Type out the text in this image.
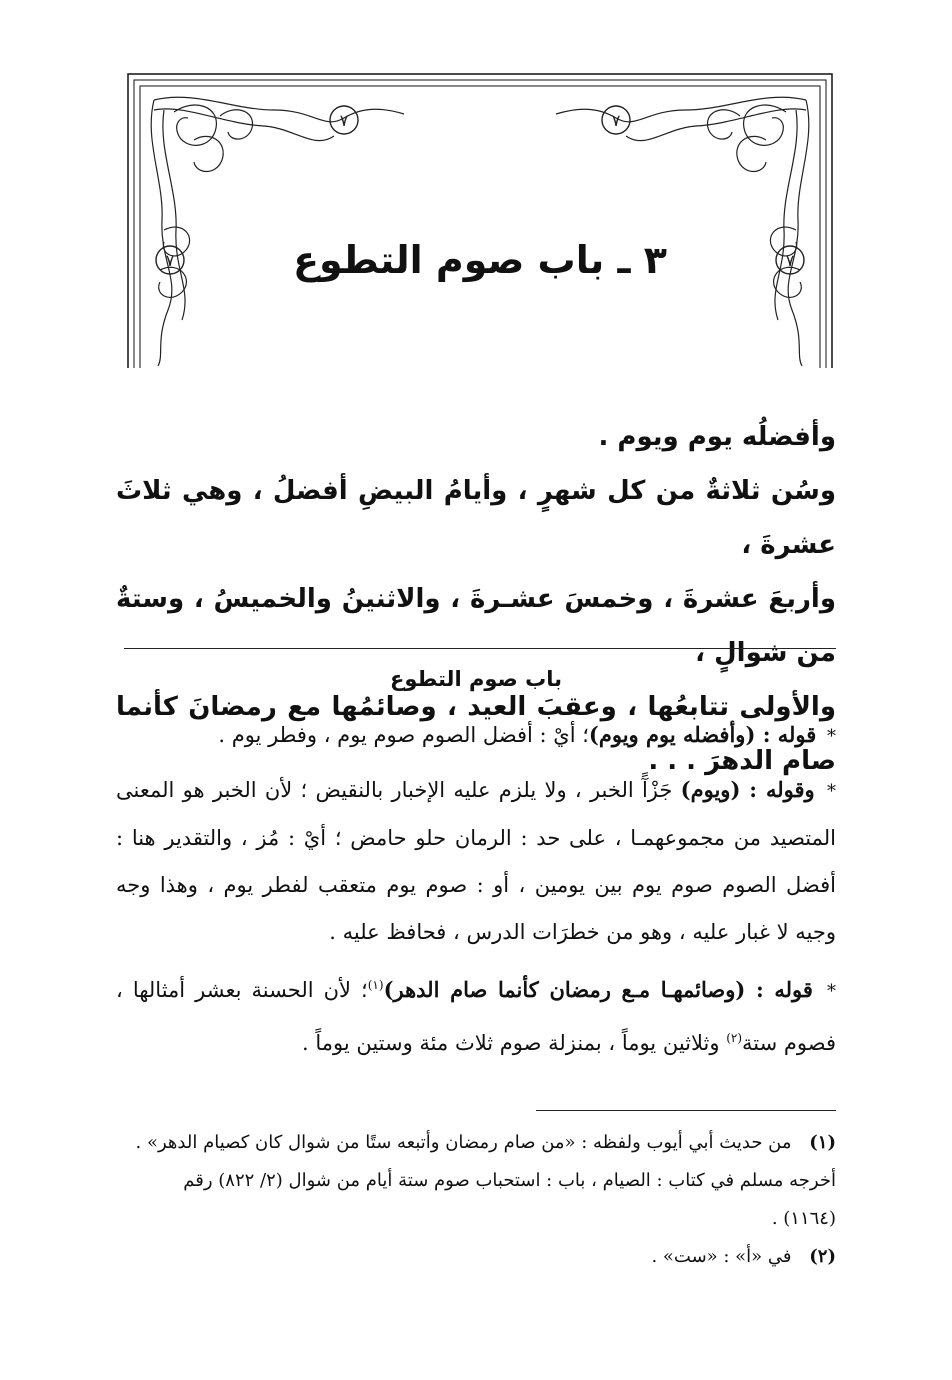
٧	٧
٧	٧
٣ ـ باب صوم التطوع

وأفضلُه يوم ويوم .

وسُن ثلاثةٌ من كل شهرٍ ، وأيامُ البيضِ أفضلُ ، وهي ثلاثَ عشرةَ ،

وأربعَ عشرةَ ، وخمسَ عشـرةَ ، والاثنينُ والخميسُ ، وستةٌ من شوالٍ ،

والأولى تتابعُها ، وعقبَ العيد ، وصائمُها مع رمضانَ كأنما صام الدهرَ . . .

باب صوم التطوع

* قوله : (وأفضله يوم ويوم)؛ أيْ : أفضل الصوم صوم يوم ، وفطر يوم .

* وقوله : (ويوم) جَزْآً الخبر ، ولا يلزم عليه الإخبار بالنقيض ؛ لأن الخبر هو المعنى المتصيد من مجموعهمـا ، على حد : الرمان حلو حامض ؛ أيْ : مُز ، والتقدير هنا : أفضل الصوم صوم يوم بين يومين ، أو : صوم يوم متعقب لفطر يوم ، وهذا وجه وجيه لا غبار عليه ، وهو من خطرَات الدرس ، فحافظ عليه .

* قوله : (وصائمهـا مـع رمضان كأنما صام الدهر)$^{(١)}$؛ لأن الحسنة بعشر أمثالها ، فصوم ستة$^{(٢)}$ وثلاثين يوماً ، بمنزلة صوم ثلاث مئة وستين يوماً .

(١) من حديث أبي أيوب ولفظه : «من صام رمضان وأتبعه ستًا من شوال كان كصيام الدهر» .

أخرجه مسلم في كتاب : الصيام ، باب : استحباب صوم ستة أيام من شوال (٢/ ٨٢٢) رقم

(١١٦٤) .

(٢) في «أ» : «ست» .
